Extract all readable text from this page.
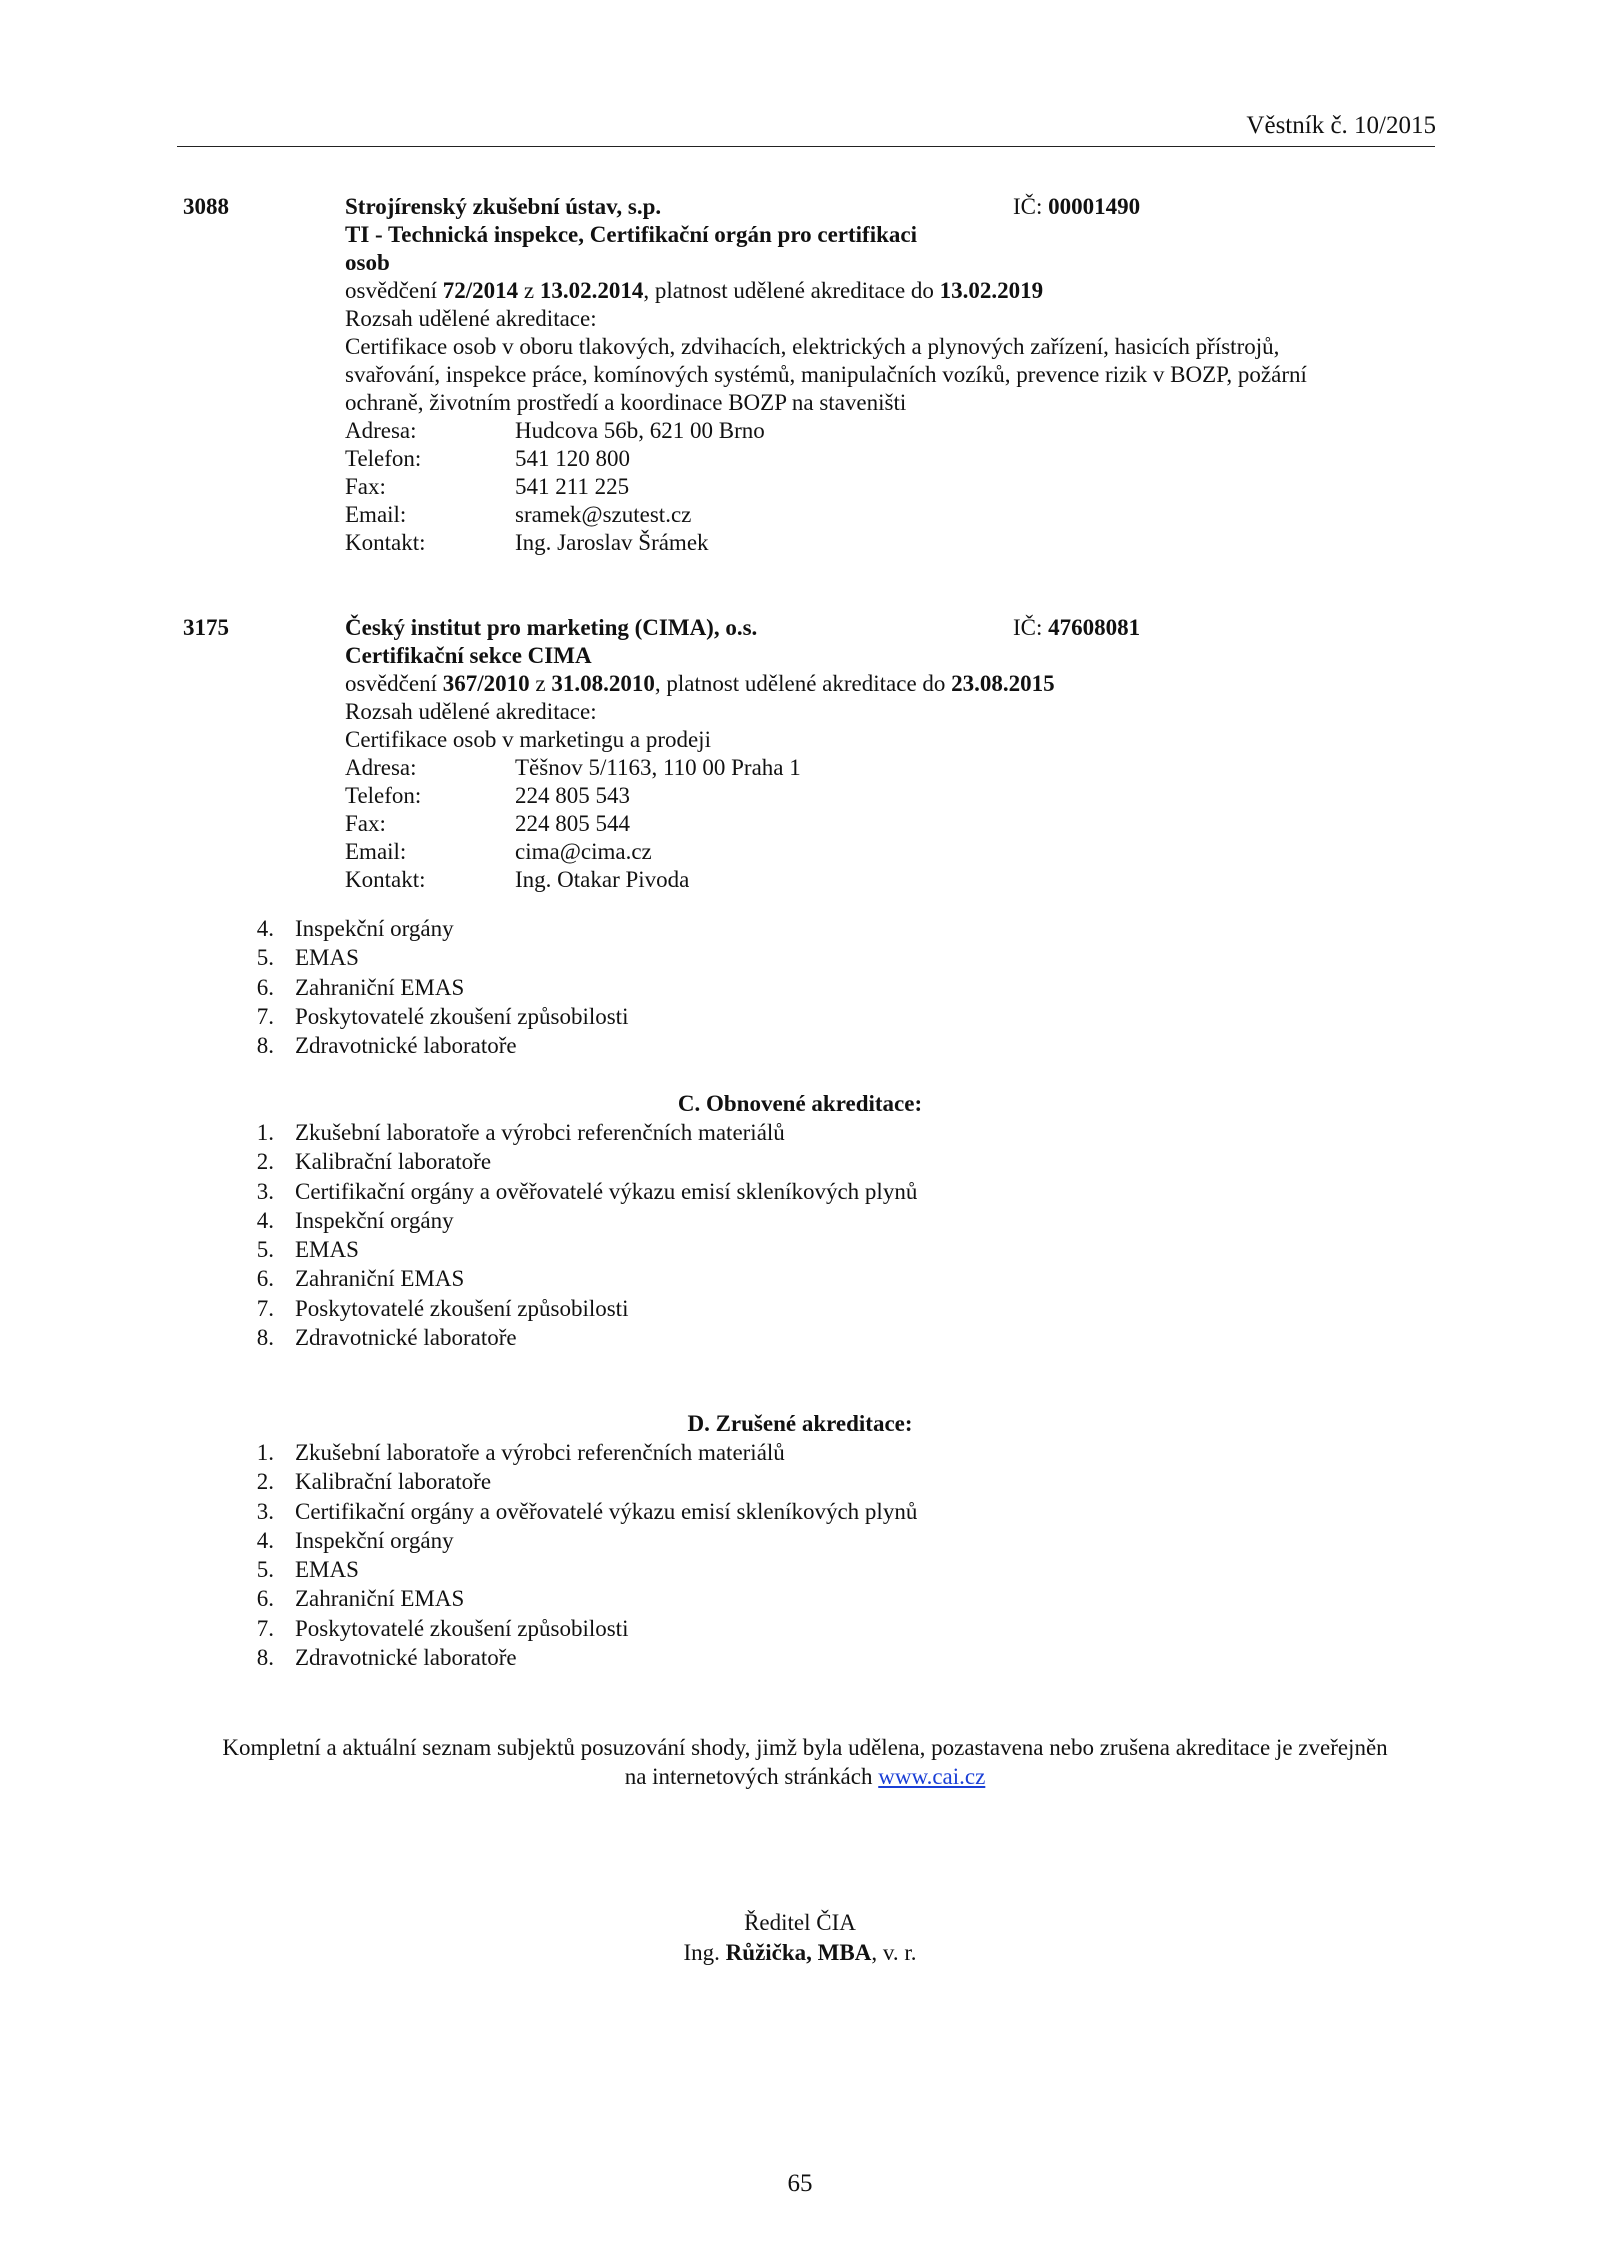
Věstník č. 10/2015
3088	Strojírenský zkušební ústav, s.p.	IČ: 00001490
TI - Technická inspekce, Certifikační orgán pro certifikaci
osob
osvědčení 72/2014 z 13.02.2014, platnost udělené akreditace do 13.02.2019
Rozsah udělené akreditace:
Certifikace osob v oboru tlakových, zdvihacích, elektrických a plynových zařízení, hasicích přístrojů,
svařování, inspekce práce, komínových systémů, manipulačních vozíků, prevence rizik v BOZP, požární
ochraně, životním prostředí a koordinace BOZP na staveništi
Adresa:	Hudcova 56b, 621 00 Brno
Telefon:	541 120 800
Fax:	541 211 225
Email:	sramek@szutest.cz
Kontakt:	Ing. Jaroslav Šrámek
3175	Český institut pro marketing (CIMA), o.s.	IČ: 47608081
Certifikační sekce CIMA
osvědčení 367/2010 z 31.08.2010, platnost udělené akreditace do 23.08.2015
Rozsah udělené akreditace:
Certifikace osob v marketingu a prodeji
Adresa:	Těšnov 5/1163, 110 00 Praha 1
Telefon:	224 805 543
Fax:	224 805 544
Email:	cima@cima.cz
Kontakt:	Ing. Otakar Pivoda
4. Inspekční orgány
5. EMAS
6. Zahraniční EMAS
7. Poskytovatelé zkoušení způsobilosti
8. Zdravotnické laboratoře
C. Obnovené akreditace:
1. Zkušební laboratoře a výrobci referenčních materiálů
2. Kalibrační laboratoře
3. Certifikační orgány a ověřovatelé výkazu emisí skleníkových plynů
4. Inspekční orgány
5. EMAS
6. Zahraniční EMAS
7. Poskytovatelé zkoušení způsobilosti
8. Zdravotnické laboratoře
D. Zrušené akreditace:
1. Zkušební laboratoře a výrobci referenčních materiálů
2. Kalibrační laboratoře
3. Certifikační orgány a ověřovatelé výkazu emisí skleníkových plynů
4. Inspekční orgány
5. EMAS
6. Zahraniční EMAS
7. Poskytovatelé zkoušení způsobilosti
8. Zdravotnické laboratoře
Kompletní a aktuální seznam subjektů posuzování shody, jimž byla udělena, pozastavena nebo zrušena akreditace je zveřejněn
na internetových stránkách www.cai.cz
Ředitel ČIA
Ing. Růžička, MBA, v. r.
65
